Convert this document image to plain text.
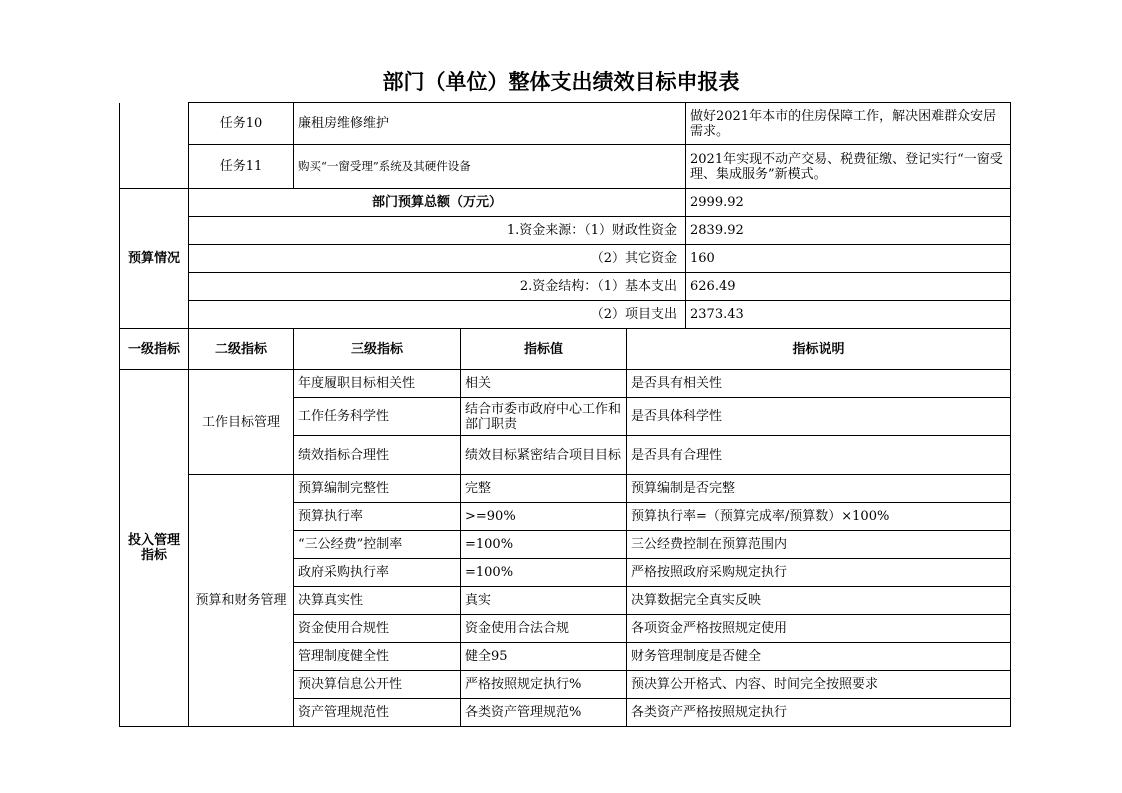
部门（单位）整体支出绩效目标申报表
	任务10	廉租房维修维护			做好2021年本市的住房保障工作，解决困难群众安居需求。
	任务11	购买“一窗受理”系统及其硬件设备			2021年实现不动产交易、税费征缴、登记实行“一窗受理、集成服务”新模式。
预算情况	部门预算总额（万元）				2999.92
	1.资金来源：（1）财政性资金				2839.92
	（2）其它资金				160
	2.资金结构：（1）基本支出				626.49
	（2）项目支出				2373.43
一级指标	二级指标	三级指标	指标值	指标说明	
投入管理指标	工作目标管理	年度履职目标相关性	相关	是否具有相关性	
		工作任务科学性	结合市委市政府中心工作和部门职责	是否具体科学性	
		绩效指标合理性	绩效目标紧密结合项目目标	是否具有合理性	
	预算和财务管理	预算编制完整性	完整	预算编制是否完整	
		预算执行率	>=90%	预算执行率=（预算完成率/预算数）×100%	
		“三公经费”控制率	=100%	三公经费控制在预算范围内	
		政府采购执行率	=100%	严格按照政府采购规定执行	
		决算真实性	真实	决算数据完全真实反映	
		资金使用合规性	资金使用合法合规	各项资金严格按照规定使用	
		管理制度健全性	健全95	财务管理制度是否健全	
		预决算信息公开性	严格按照规定执行%	预决算公开格式、内容、时间完全按照要求	
		资产管理规范性	各类资产管理规范%	各类资产严格按照规定执行	
